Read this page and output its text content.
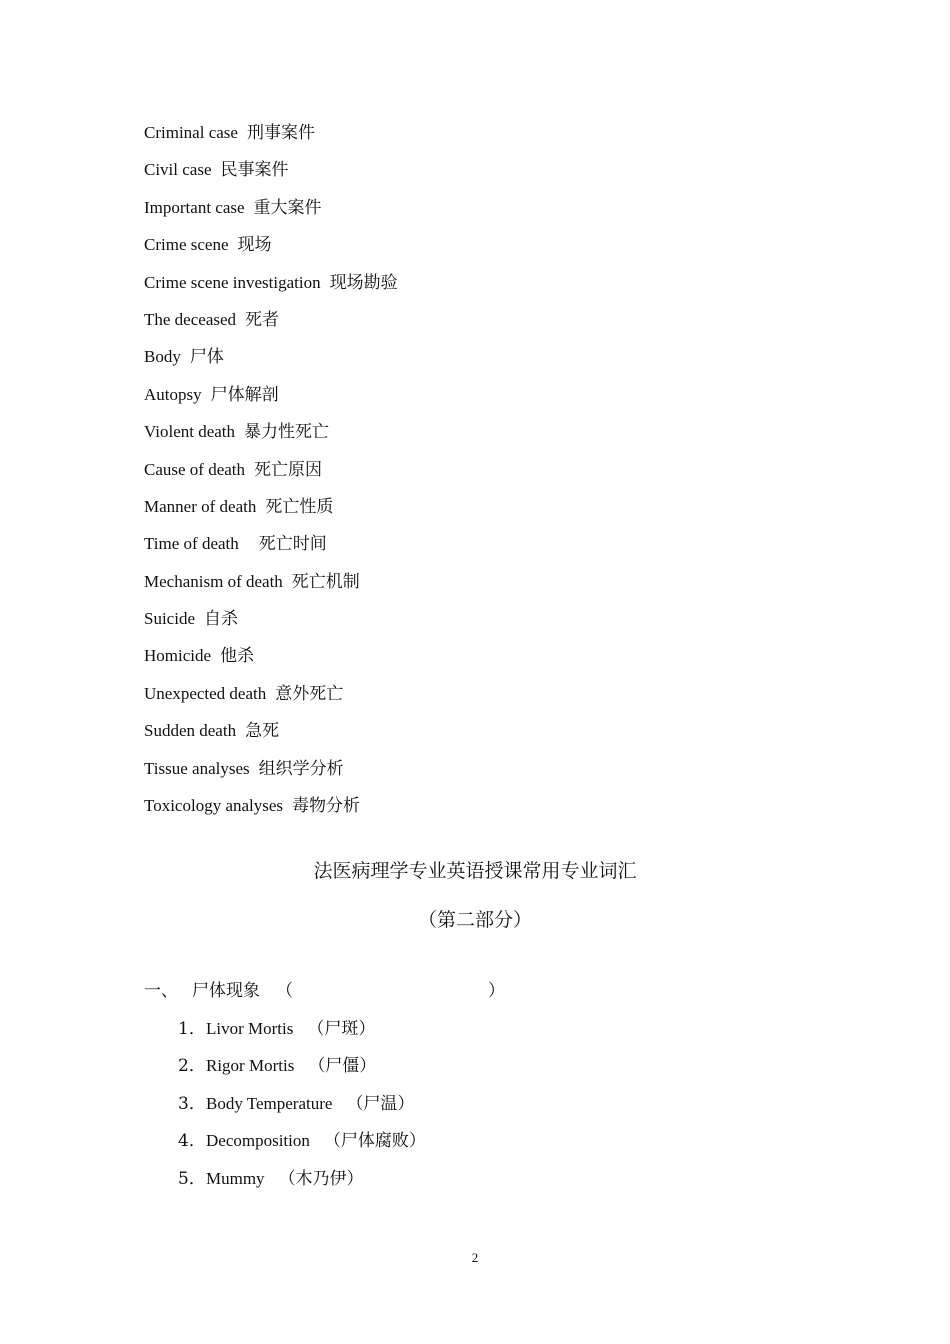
Criminal case 刑事案件
Civil case 民事案件
Important case 重大案件
Crime scene 现场
Crime scene investigation 现场勘验
The deceased 死者
Body 尸体
Autopsy 尸体解剖
Violent death 暴力性死亡
Cause of death 死亡原因
Manner of death 死亡性质
Time of death 死亡时间
Mechanism of death 死亡机制
Suicide 自杀
Homicide 他杀
Unexpected death 意外死亡
Sudden death 急死
Tissue analyses 组织学分析
Toxicology analyses 毒物分析
法医病理学专业英语授课常用专业词汇
（第二部分）
一、 尸体现象 （	）
1．Livor Mortis （尸斑）
2．Rigor Mortis （尸僵）
3．Body Temperature （尸温）
4．Decomposition （尸体腐败）
5．Mummy （木乃伊）
2
